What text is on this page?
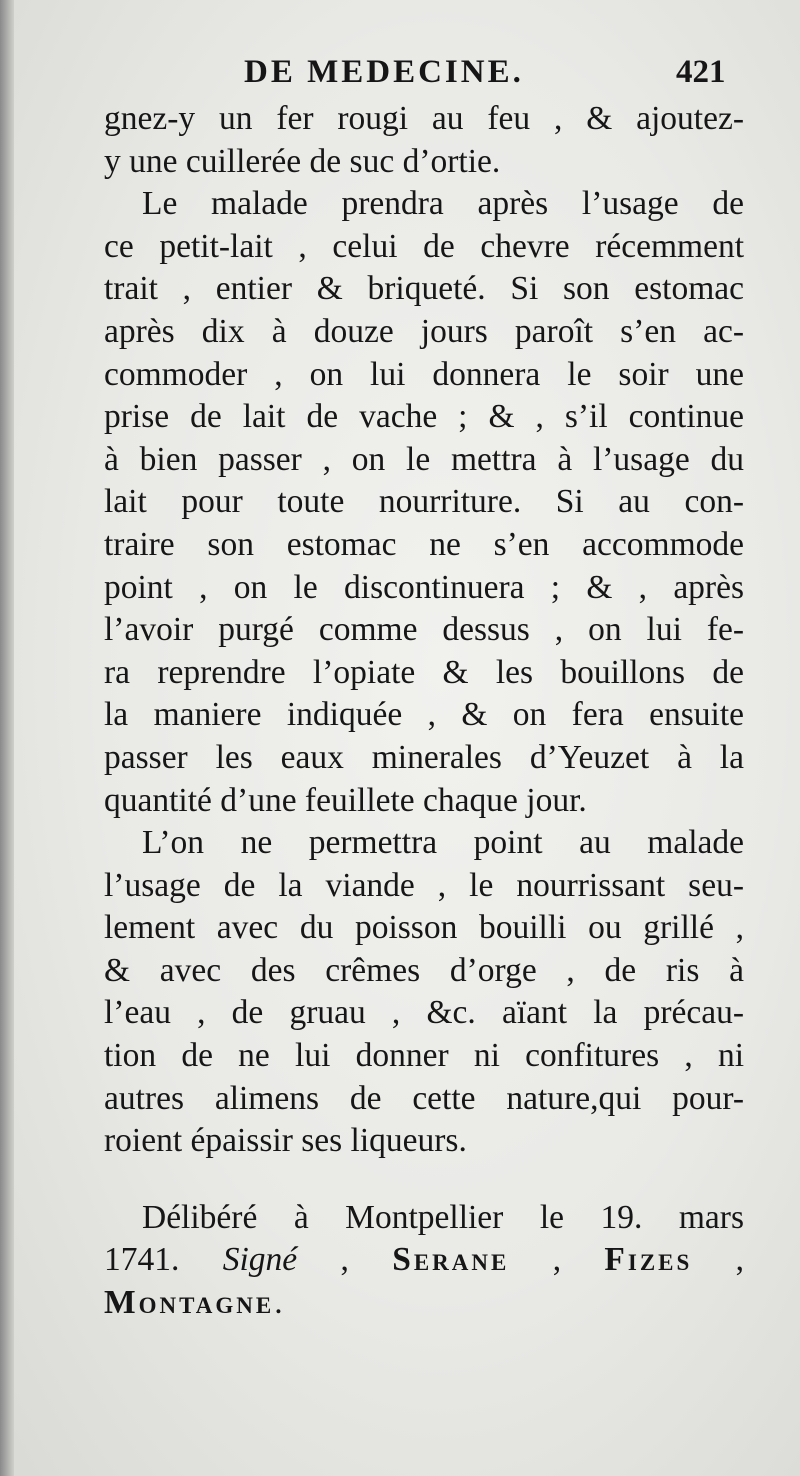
DE MEDECINE.	421
gnez-y un fer rougi au feu , & ajoutez-
y une cuillerée de suc d’ortie.
Le malade prendra après l’usage de
ce petit-lait , celui de chevre récemment
trait , entier & briqueté. Si son estomac
après dix à douze jours paroît s’en ac-
commoder , on lui donnera le soir une
prise de lait de vache ; & , s’il continue
à bien passer , on le mettra à l’usage du
lait pour toute nourriture. Si au con-
traire son estomac ne s’en accommode
point , on le discontinuera ; & , après
l’avoir purgé comme dessus , on lui fe-
ra reprendre l’opiate & les bouillons de
la maniere indiquée , & on fera ensuite
passer les eaux minerales d’Yeuzet à la
quantité d’une feuillete chaque jour.
L’on ne permettra point au malade
l’usage de la viande , le nourrissant seu-
lement avec du poisson bouilli ou grillé ,
& avec des crêmes d’orge , de ris à
l’eau , de gruau , &c. aïant la précau-
tion de ne lui donner ni confitures , ni
autres alimens de cette nature,qui pour-
roient épaissir ses liqueurs.
Délibéré à Montpellier le 19. mars
1741. Signé , Serane , Fizes ,
Montagne.
